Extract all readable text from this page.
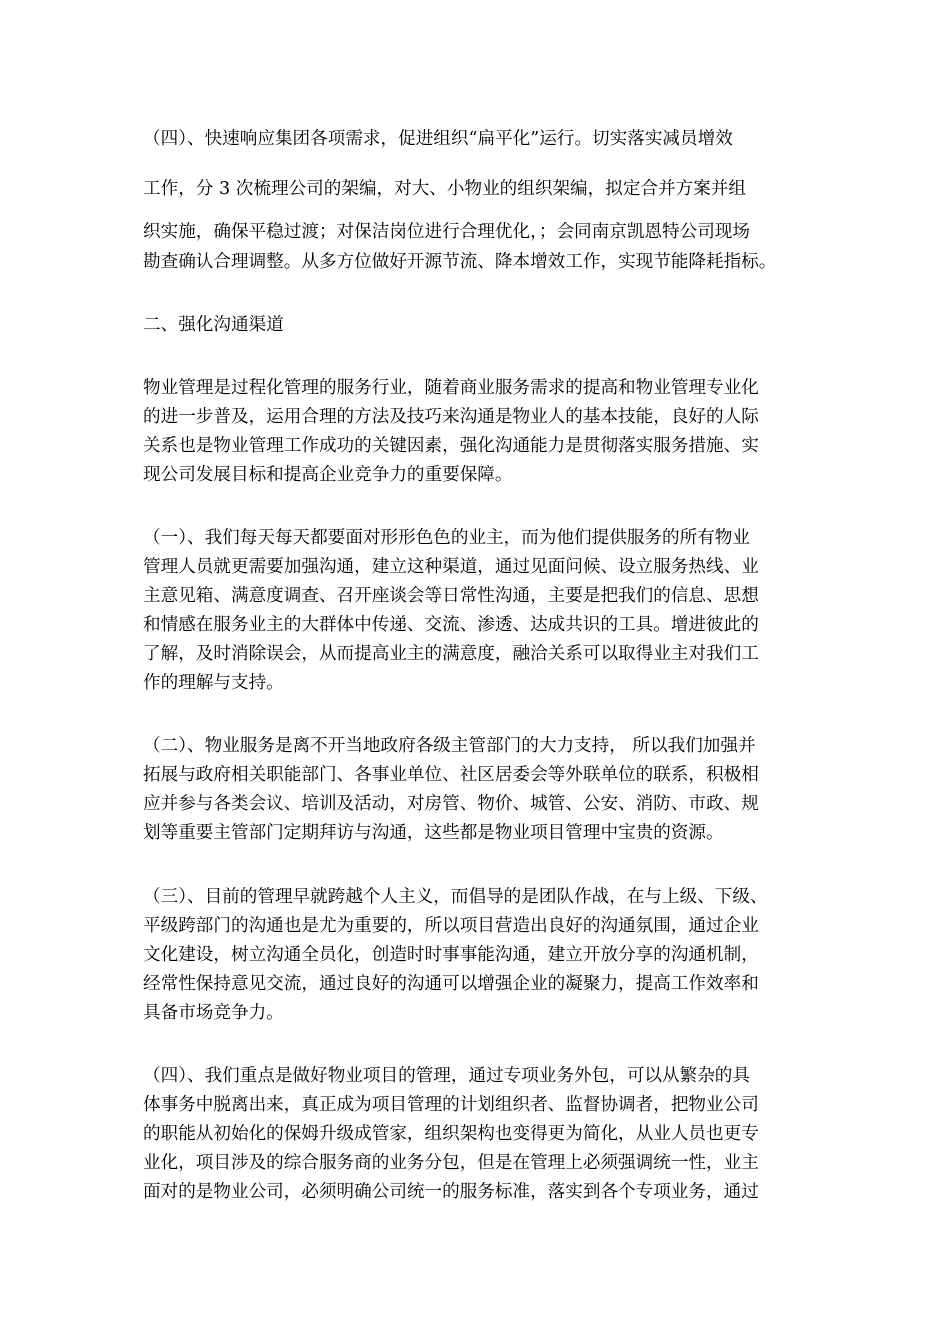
（四）、快速响应集团各项需求，促进组织“扁平化”运行。切实落实减员增效
工作，分 3 次梳理公司的架编，对大、小物业的组织架编，拟定合并方案并组
织实施，确保平稳过渡；对保洁岗位进行合理优化，；会同南京凯恩特公司现场
勘查确认合理调整。从多方位做好开源节流、降本增效工作，实现节能降耗指标。
二、强化沟通渠道
物业管理是过程化管理的服务行业，随着商业服务需求的提高和物业管理专业化
的进一步普及，运用合理的方法及技巧来沟通是物业人的基本技能，良好的人际
关系也是物业管理工作成功的关键因素，强化沟通能力是贯彻落实服务措施、实
现公司发展目标和提高企业竞争力的重要保障。
（一）、我们每天每天都要面对形形色色的业主，而为他们提供服务的所有物业
管理人员就更需要加强沟通，建立这种渠道，通过见面问候、设立服务热线、业
主意见箱、满意度调查、召开座谈会等日常性沟通，主要是把我们的信息、思想
和情感在服务业主的大群体中传递、交流、渗透、达成共识的工具。增进彼此的
了解，及时消除误会，从而提高业主的满意度，融洽关系可以取得业主对我们工
作的理解与支持。
（二）、物业服务是离不开当地政府各级主管部门的大力支持， 所以我们加强并
拓展与政府相关职能部门、各事业单位、社区居委会等外联单位的联系，积极相
应并参与各类会议、培训及活动，对房管、物价、城管、公安、消防、市政、规
划等重要主管部门定期拜访与沟通，这些都是物业项目管理中宝贵的资源。
（三）、目前的管理早就跨越个人主义，而倡导的是团队作战，在与上级、下级、
平级跨部门的沟通也是尤为重要的，所以项目营造出良好的沟通氛围，通过企业
文化建设，树立沟通全员化，创造时时事事能沟通，建立开放分享的沟通机制，
经常性保持意见交流，通过良好的沟通可以增强企业的凝聚力，提高工作效率和
具备市场竞争力。
（四）、我们重点是做好物业项目的管理，通过专项业务外包，可以从繁杂的具
体事务中脱离出来，真正成为项目管理的计划组织者、监督协调者，把物业公司
的职能从初始化的保姆升级成管家，组织架构也变得更为简化，从业人员也更专
业化，项目涉及的综合服务商的业务分包，但是在管理上必须强调统一性，业主
面对的是物业公司，必须明确公司统一的服务标准，落实到各个专项业务，通过
